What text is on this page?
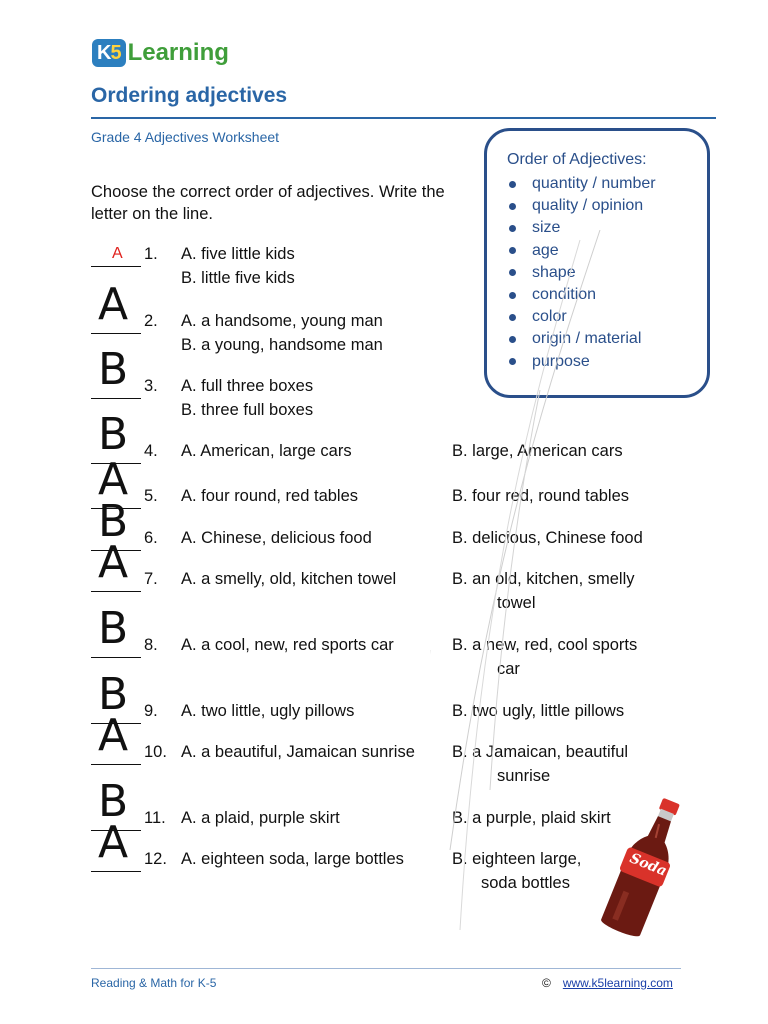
K5 Learning
Ordering adjectives
Grade 4 Adjectives Worksheet
Choose the correct order of adjectives. Write the letter on the line.
Order of Adjectives:
quantity / number
quality / opinion
size
age
shape
condition
color
origin / material
purpose
1. A. five little kids
B. little five kids
A
2. A. a handsome, young man
B. a young, handsome man
A
3. A. full three boxes
B. three full boxes
B
4. A. American, large cars	B. large, American cars
B
5. A. four round, red tables	B. four red, round tables
A
6. A. Chinese, delicious food	B. delicious, Chinese food
B
7. A. a smelly, old, kitchen towel	B. an old, kitchen, smelly
towel
A
8. A. a cool, new, red sports car	B. a new, red, cool sports
car
B
9. A. two little, ugly pillows	B. two ugly, little pillows
B
10. A. a beautiful, Jamaican sunrise B. a Jamaican, beautiful
sunrise
A
11. A. a plaid, purple skirt	B. a purple, plaid skirt
B
12. A. eighteen soda, large bottles	B. eighteen large,
soda bottles
A	Soda
Reading & Math for K-5	© www.k5learning.com
